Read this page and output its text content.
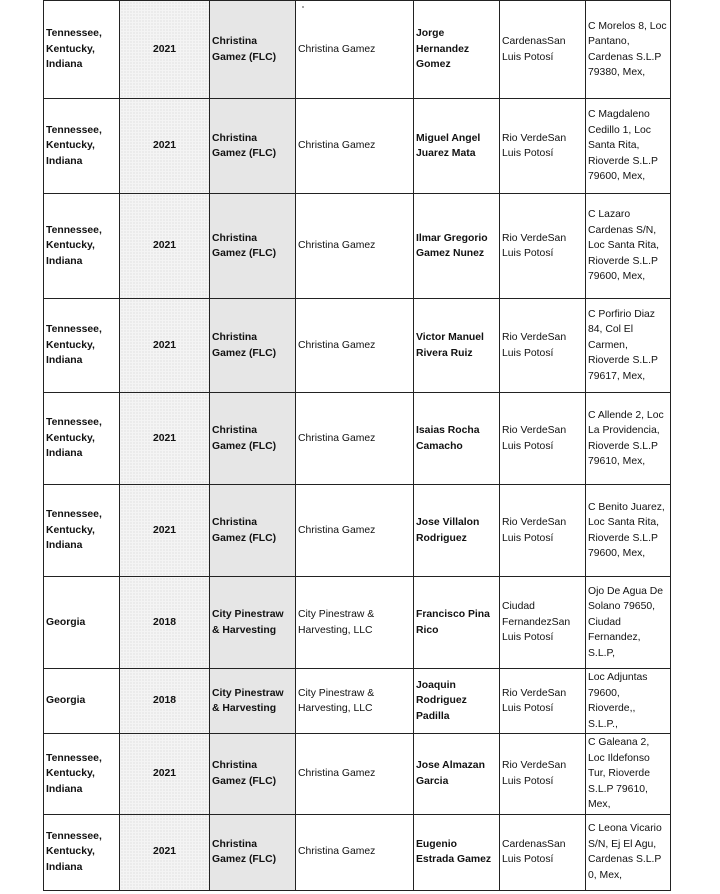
Tennessee, Kentucky, Indiana	2021	Christina Gamez (FLC)	Christina Gamez	Jorge Hernandez Gomez	CardenasSan Luis Potosí	C Morelos 8, Loc Pantano, Cardenas S.L.P 79380, Mex,
Tennessee, Kentucky, Indiana	2021	Christina Gamez (FLC)	Christina Gamez	Miguel Angel Juarez Mata	Rio VerdeSan Luis Potosí	C Magdaleno Cedillo 1, Loc Santa Rita, Rioverde S.L.P 79600, Mex,
Tennessee, Kentucky, Indiana	2021	Christina Gamez (FLC)	Christina Gamez	Ilmar Gregorio Gamez Nunez	Rio VerdeSan Luis Potosí	C Lazaro Cardenas S/N, Loc Santa Rita, Rioverde S.L.P 79600, Mex,
Tennessee, Kentucky, Indiana	2021	Christina Gamez (FLC)	Christina Gamez	Victor Manuel Rivera Ruiz	Rio VerdeSan Luis Potosí	C Porfirio Diaz 84, Col El Carmen, Rioverde S.L.P 79617, Mex,
Tennessee, Kentucky, Indiana	2021	Christina Gamez (FLC)	Christina Gamez	Isaias Rocha Camacho	Rio VerdeSan Luis Potosí	C Allende 2, Loc La Providencia, Rioverde S.L.P 79610, Mex,
Tennessee, Kentucky, Indiana	2021	Christina Gamez (FLC)	Christina Gamez	Jose Villalon Rodriguez	Rio VerdeSan Luis Potosí	C Benito Juarez, Loc Santa Rita, Rioverde S.L.P 79600, Mex,
Georgia	2018	City Pinestraw & Harvesting	City Pinestraw & Harvesting, LLC	Francisco Pina Rico	Ciudad FernandezSan Luis Potosí	Ojo De Agua De Solano 79650, Ciudad Fernandez, S.L.P,
Georgia	2018	City Pinestraw & Harvesting	City Pinestraw & Harvesting, LLC	Joaquin Rodriguez Padilla	Rio VerdeSan Luis Potosí	Loc Adjuntas 79600, Rioverde,, S.L.P.,
Tennessee, Kentucky, Indiana	2021	Christina Gamez (FLC)	Christina Gamez	Jose Almazan Garcia	Rio VerdeSan Luis Potosí	C Galeana 2, Loc Ildefonso Tur, Rioverde S.L.P 79610, Mex,
Tennessee, Kentucky, Indiana	2021	Christina Gamez (FLC)	Christina Gamez	Eugenio Estrada Gamez	CardenasSan Luis Potosí	C Leona Vicario S/N, Ej El Agu, Cardenas S.L.P 0, Mex,
